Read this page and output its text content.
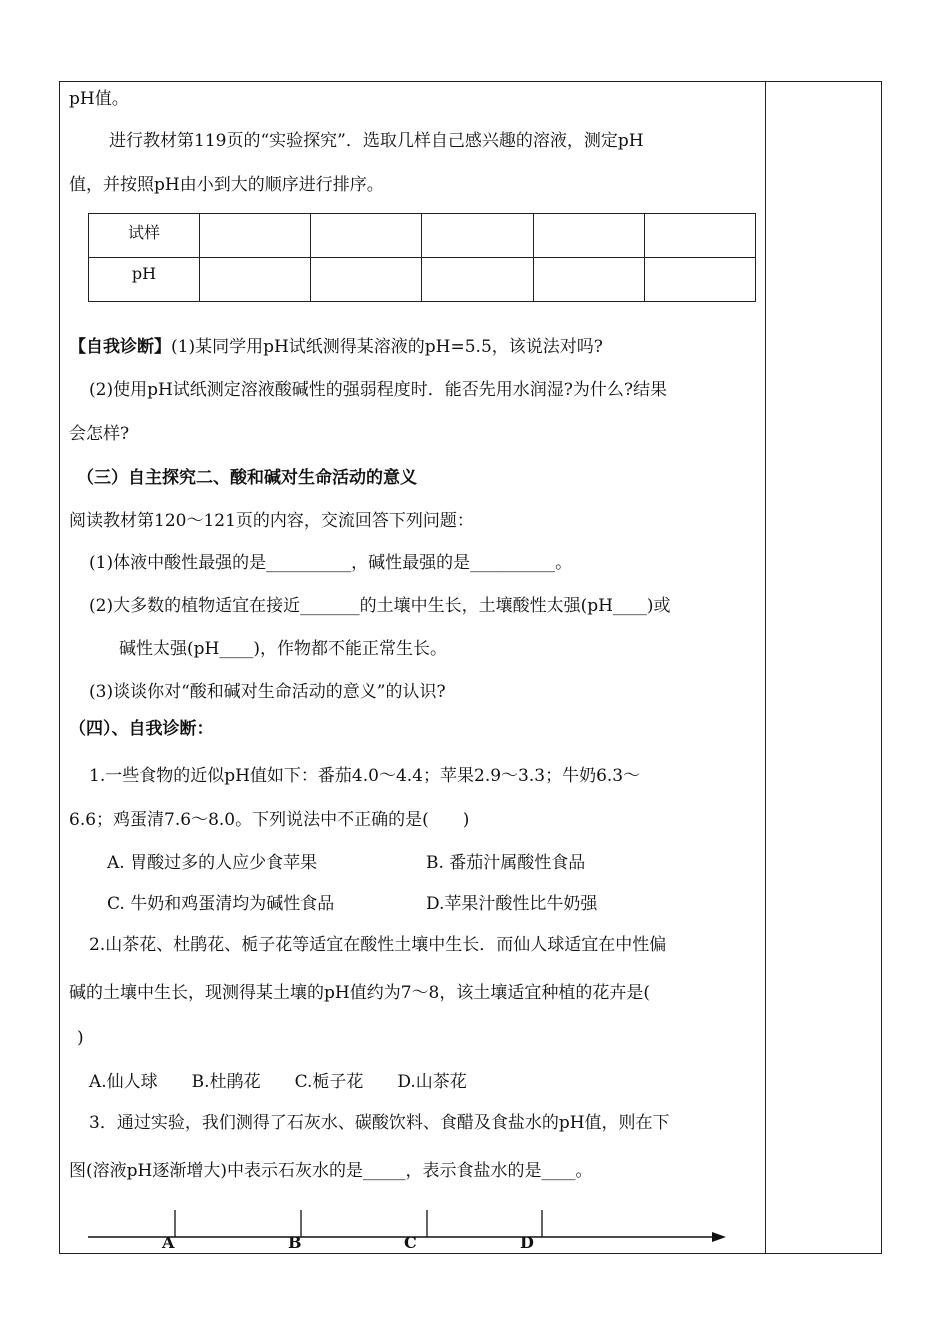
pH值。
进行教材第119页的“实验探究”．选取几样自己感兴趣的溶液，测定pH
值，并按照pH由小到大的顺序进行排序。
试样					
pH					
【自我诊断】(1)某同学用pH试纸测得某溶液的pH=5.5，该说法对吗?
(2)使用pH试纸测定溶液酸碱性的强弱程度时．能否先用水润湿?为什么?结果
会怎样?
（三）自主探究二、酸和碱对生命活动的意义
阅读教材第120～121页的内容，交流回答下列问题：
(1)体液中酸性最强的是__________，碱性最强的是__________。
(2)大多数的植物适宜在接近_______的土壤中生长，土壤酸性太强(pH____)或
碱性太强(pH____)，作物都不能正常生长。
(3)谈谈你对“酸和碱对生命活动的意义”的认识?
（四）、自我诊断：
1.一些食物的近似pH值如下：番茄4.0～4.4；苹果2.9～3.3；牛奶6.3～
6.6；鸡蛋清7.6～8.0。下列说法中不正确的是(　　)
A. 胃酸过多的人应少食苹果	B. 番茄汁属酸性食品
C. 牛奶和鸡蛋清均为碱性食品	D.苹果汁酸性比牛奶强
2.山茶花、杜鹃花、栀子花等适宜在酸性土壤中生长．而仙人球适宜在中性偏
碱的土壤中生长，现测得某土壤的pH值约为7～8，该土壤适宜种植的花卉是(
)
A.仙人球　　B.杜鹃花　　C.栀子花　　D.山茶花
3．通过实验，我们测得了石灰水、碳酸饮料、食醋及食盐水的pH值，则在下
图(溶液pH逐渐增大)中表示石灰水的是_____，表示食盐水的是____。
A	B	C	D
